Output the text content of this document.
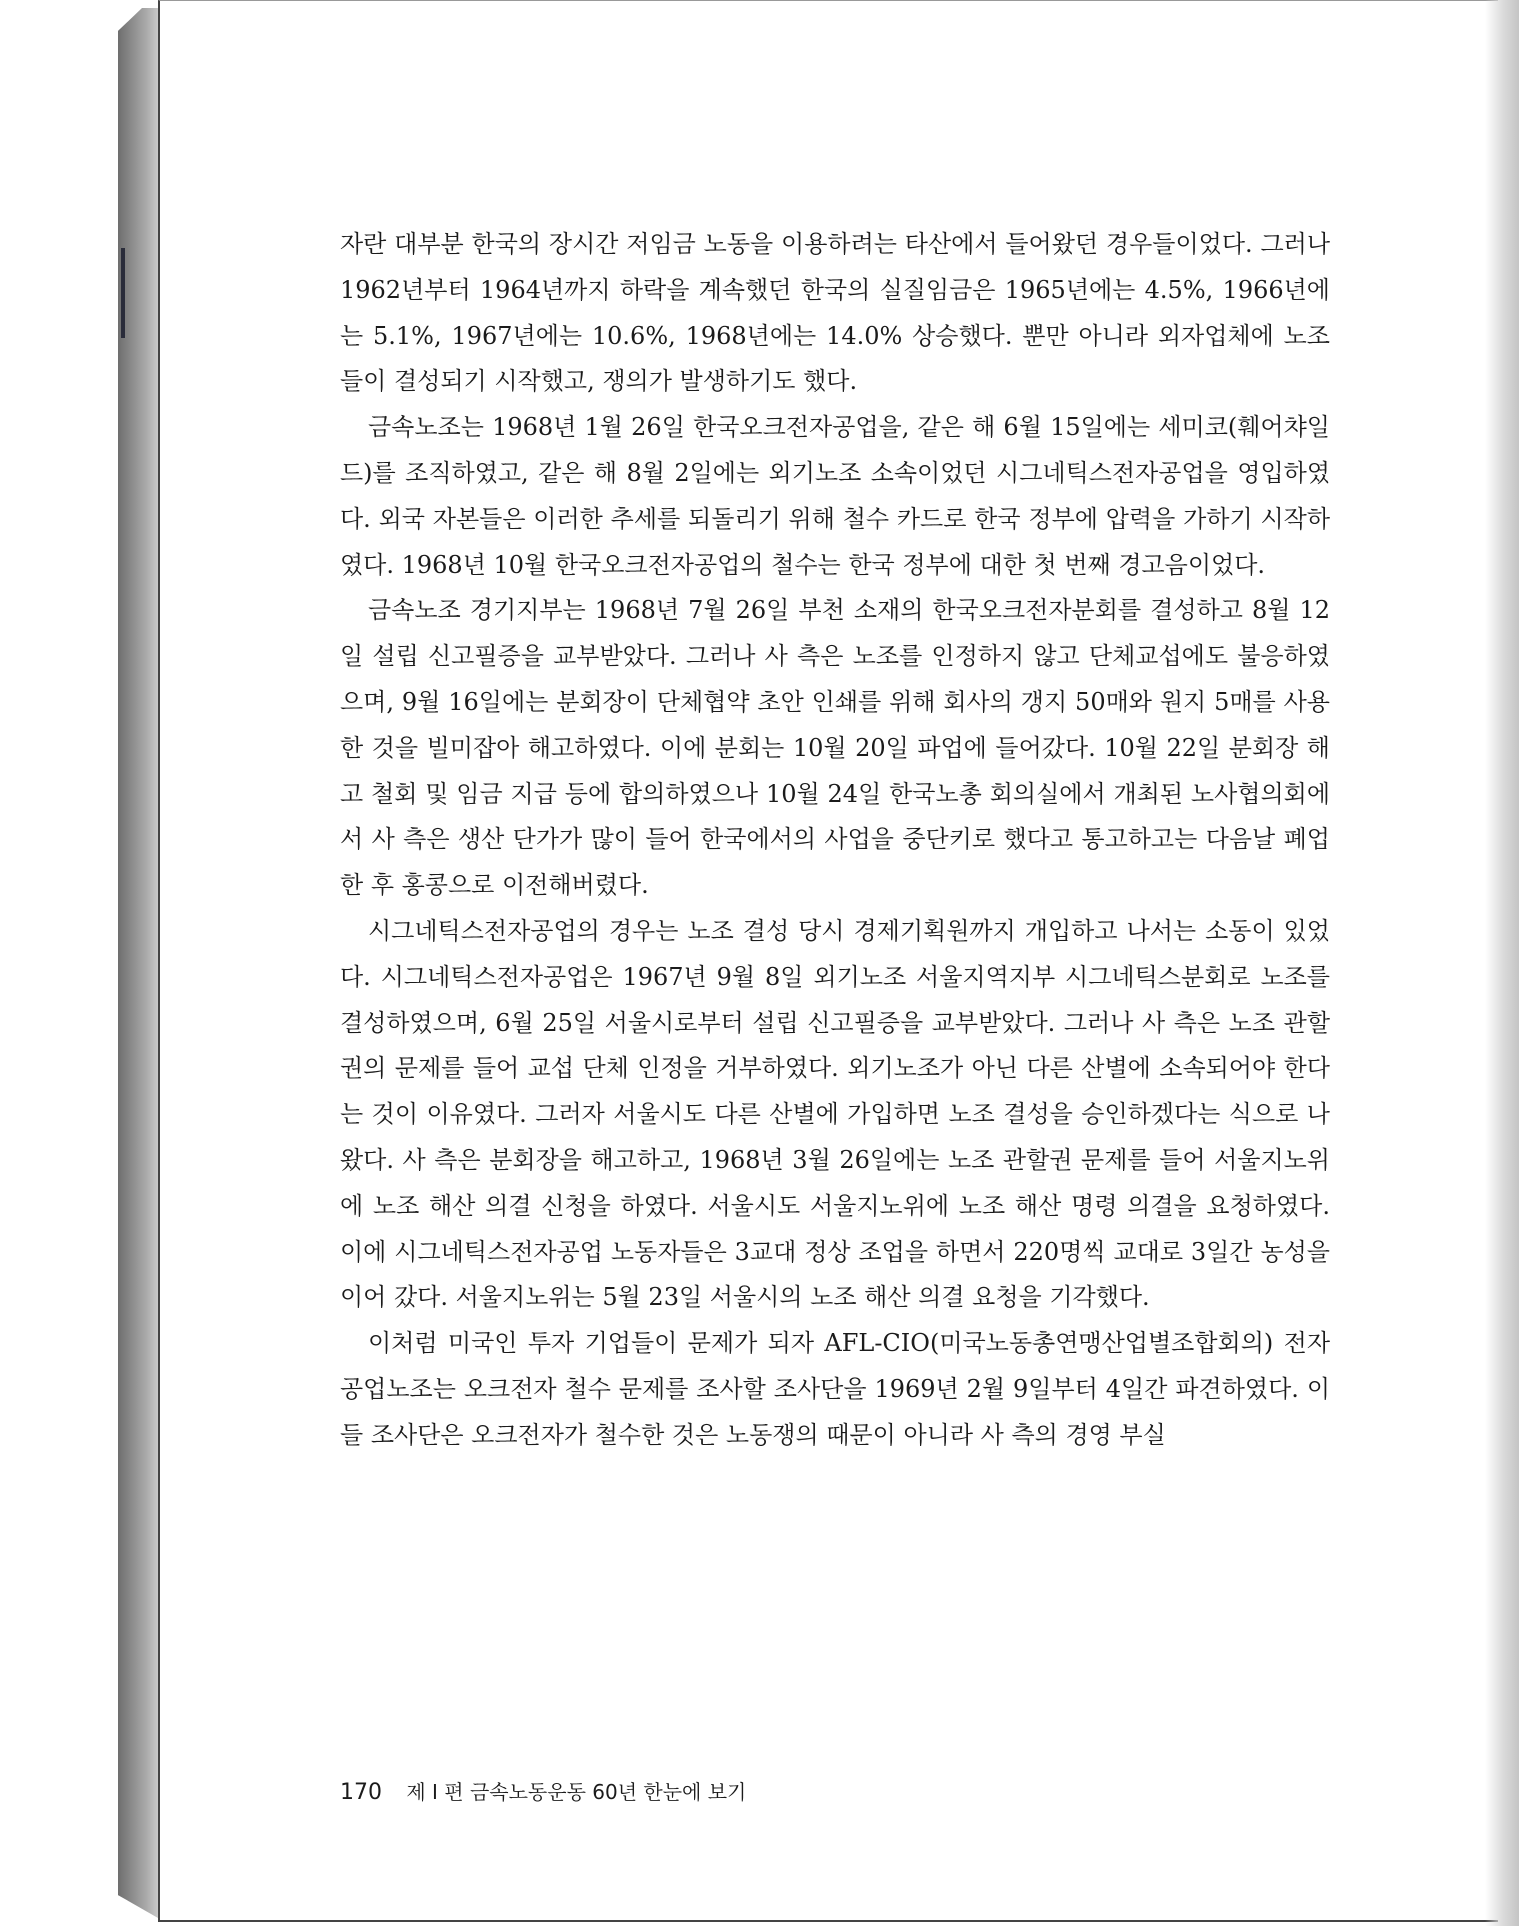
자란 대부분 한국의 장시간 저임금 노동을 이용하려는 타산에서 들어왔던 경우들이었다. 그러나 1962년부터 1964년까지 하락을 계속했던 한국의 실질임금은 1965년에는 4.5%, 1966년에는 5.1%, 1967년에는 10.6%, 1968년에는 14.0% 상승했다. 뿐만 아니라 외자업체에 노조들이 결성되기 시작했고, 쟁의가 발생하기도 했다.

금속노조는 1968년 1월 26일 한국오크전자공업을, 같은 해 6월 15일에는 세미코(훼어챠일드)를 조직하였고, 같은 해 8월 2일에는 외기노조 소속이었던 시그네틱스전자공업을 영입하였다. 외국 자본들은 이러한 추세를 되돌리기 위해 철수 카드로 한국 정부에 압력을 가하기 시작하였다. 1968년 10월 한국오크전자공업의 철수는 한국 정부에 대한 첫 번째 경고음이었다.

금속노조 경기지부는 1968년 7월 26일 부천 소재의 한국오크전자분회를 결성하고 8월 12일 설립 신고필증을 교부받았다. 그러나 사 측은 노조를 인정하지 않고 단체교섭에도 불응하였으며, 9월 16일에는 분회장이 단체협약 초안 인쇄를 위해 회사의 갱지 50매와 원지 5매를 사용한 것을 빌미잡아 해고하였다. 이에 분회는 10월 20일 파업에 들어갔다. 10월 22일 분회장 해고 철회 및 임금 지급 등에 합의하였으나 10월 24일 한국노총 회의실에서 개최된 노사협의회에서 사 측은 생산 단가가 많이 들어 한국에서의 사업을 중단키로 했다고 통고하고는 다음날 폐업한 후 홍콩으로 이전해버렸다.

시그네틱스전자공업의 경우는 노조 결성 당시 경제기획원까지 개입하고 나서는 소동이 있었다. 시그네틱스전자공업은 1967년 9월 8일 외기노조 서울지역지부 시그네틱스분회로 노조를 결성하였으며, 6월 25일 서울시로부터 설립 신고필증을 교부받았다. 그러나 사 측은 노조 관할권의 문제를 들어 교섭 단체 인정을 거부하였다. 외기노조가 아닌 다른 산별에 소속되어야 한다는 것이 이유였다. 그러자 서울시도 다른 산별에 가입하면 노조 결성을 승인하겠다는 식으로 나왔다. 사 측은 분회장을 해고하고, 1968년 3월 26일에는 노조 관할권 문제를 들어 서울지노위에 노조 해산 의결 신청을 하였다. 서울시도 서울지노위에 노조 해산 명령 의결을 요청하였다. 이에 시그네틱스전자공업 노동자들은 3교대 정상 조업을 하면서 220명씩 교대로 3일간 농성을 이어 갔다. 서울지노위는 5월 23일 서울시의 노조 해산 의결 요청을 기각했다.

이처럼 미국인 투자 기업들이 문제가 되자 AFL-CIO(미국노동총연맹산업별조합회의) 전자공업노조는 오크전자 철수 문제를 조사할 조사단을 1969년 2월 9일부터 4일간 파견하였다. 이들 조사단은 오크전자가 철수한 것은 노동쟁의 때문이 아니라 사 측의 경영 부실

170 제 I 편 금속노동운동 60년 한눈에 보기
